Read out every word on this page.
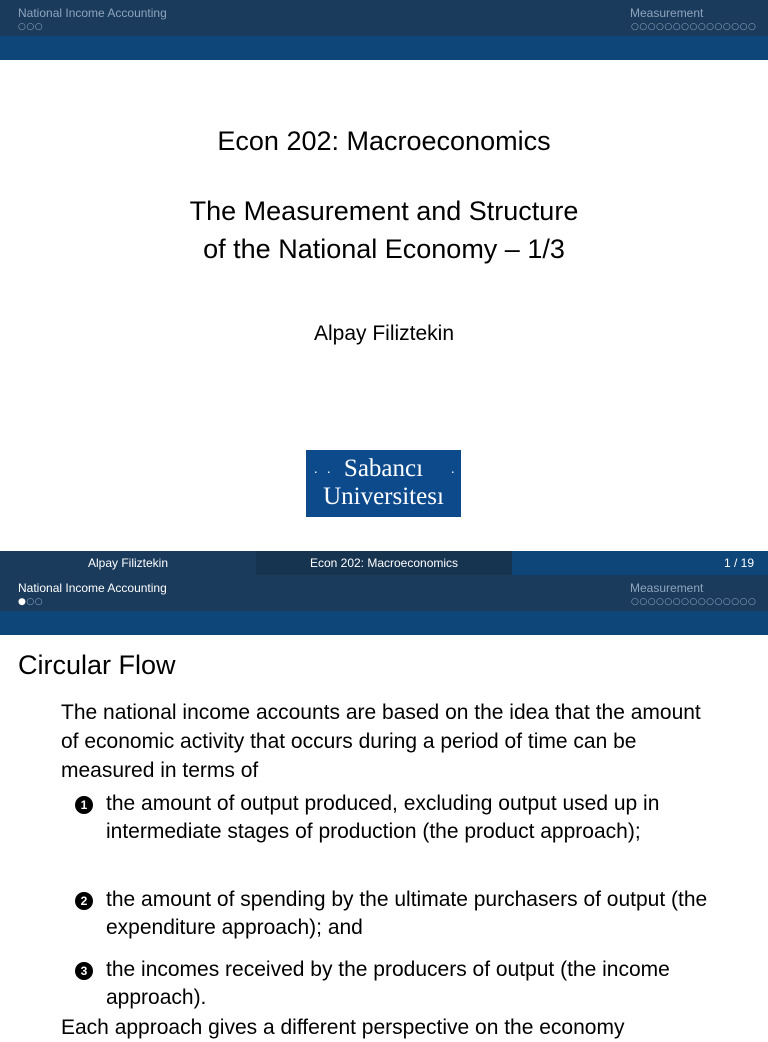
National Income Accounting	Measurement
○○○	○○○○○○○○○○○○○○○
Econ 202: Macroeconomics
The Measurement and Structure
of the National Economy – 1/3
Alpay Filiztekin
. .	.
Sabancı
Universitesı
Alpay Filiztekin	Econ 202: Macroeconomics	1 / 19
National Income Accounting	Measurement
●○○	○○○○○○○○○○○○○○○
Circular Flow
The national income accounts are based on the idea that the amount of economic activity that occurs during a period of time can be measured in terms of
1 the amount of output produced, excluding output used up in intermediate stages of production (the product approach);
2 the amount of spending by the ultimate purchasers of output (the expenditure approach); and
3 the incomes received by the producers of output (the income approach).
Each approach gives a different perspective on the economy
